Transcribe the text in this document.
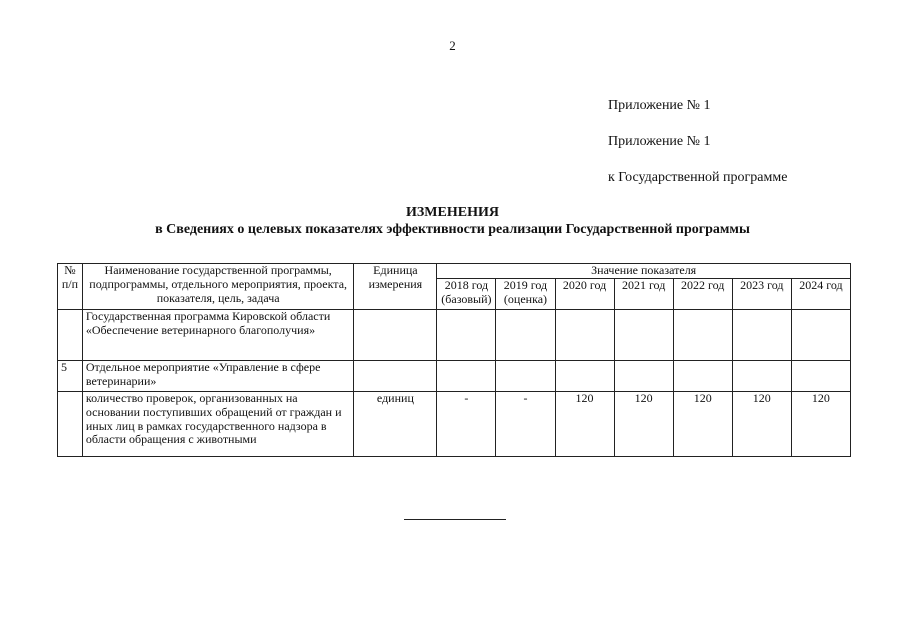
2
Приложение № 1
Приложение № 1
к Государственной программе
ИЗМЕНЕНИЯ
в Сведениях о целевых показателях эффективности реализации Государственной программы
№ п/п	Наименование государственной программы, подпрограммы, отдельного мероприятия, проекта, показателя, цель, задача	Единица измерения	Значение показателя						
			2018 год (базовый)	2019 год (оценка)	2020 год	2021 год	2022 год	2023 год	2024 год
	Государственная программа Кировской области «Обеспечение ветеринарного благополучия»								
5	Отдельное мероприятие «Управление в сфере ветеринарии»								
	количество проверок, организованных на основании поступивших обращений от граждан и иных лиц в рамках государственного надзора в области обращения с животными	единиц	-	-	120	120	120	120	120
